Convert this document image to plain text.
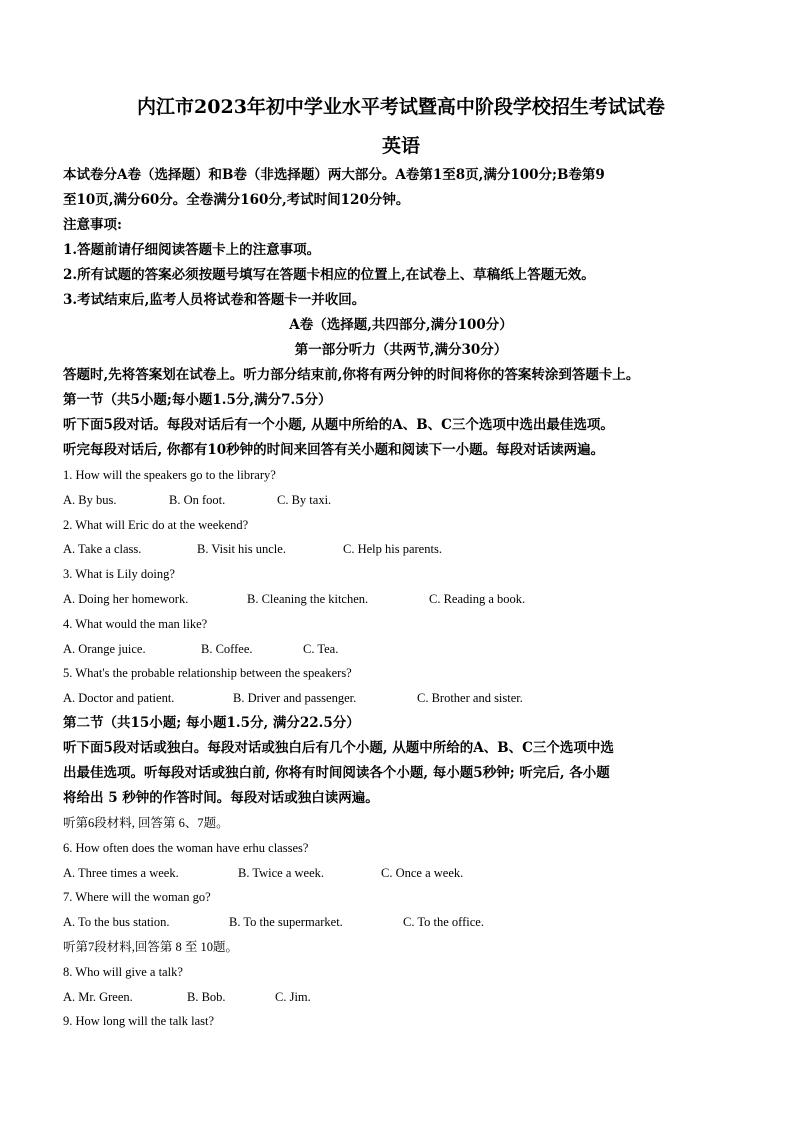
内江市2023年初中学业水平考试暨高中阶段学校招生考试试卷
英语
本试卷分A卷（选择题）和B卷（非选择题）两大部分。A卷第1至8页,满分100分;B卷第9
至10页,满分60分。全卷满分160分,考试时间120分钟。
注意事项:
1.答题前请仔细阅读答题卡上的注意事项。
2.所有试题的答案必须按题号填写在答题卡相应的位置上,在试卷上、草稿纸上答题无效。
3.考试结束后,监考人员将试卷和答题卡一并收回。
A卷（选择题,共四部分,满分100分）
第一部分听力（共两节,满分30分）
答题时,先将答案划在试卷上。听力部分结束前,你将有两分钟的时间将你的答案转涂到答题卡上。
第一节（共5小题;每小题1.5分,满分7.5分）
听下面5段对话。每段对话后有一个小题, 从题中所给的A、B、C三个选项中选出最佳选项。
听完每段对话后, 你都有10秒钟的时间来回答有关小题和阅读下一小题。每段对话读两遍。
1. How will the speakers go to the library?
A. By bus.	B. On foot.	C. By taxi.
2. What will Eric do at the weekend?
A. Take a class.	B. Visit his uncle.	C. Help his parents.
3. What is Lily doing?
A. Doing her homework.	B. Cleaning the kitchen.	C. Reading a book.
4. What would the man like?
A. Orange juice.	B. Coffee.	C. Tea.
5. What's the probable relationship between the speakers?
A. Doctor and patient.	B. Driver and passenger.	C. Brother and sister.
第二节（共15小题; 每小题1.5分, 满分22.5分）
听下面5段对话或独白。每段对话或独白后有几个小题, 从题中所给的A、B、C三个选项中选
出最佳选项。听每段对话或独白前, 你将有时间阅读各个小题, 每小题5秒钟; 听完后, 各小题
将给出 5 秒钟的作答时间。每段对话或独白读两遍。
听第6段材料, 回答第 6、7题。
6. How often does the woman have erhu classes?
A. Three times a week.	B. Twice a week.	C. Once a week.
7. Where will the woman go?
A. To the bus station.	B. To the supermarket.	C. To the office.
听第7段材料,回答第 8 至 10题。
8. Who will give a talk?
A. Mr. Green.	B. Bob.	C. Jim.
9. How long will the talk last?
